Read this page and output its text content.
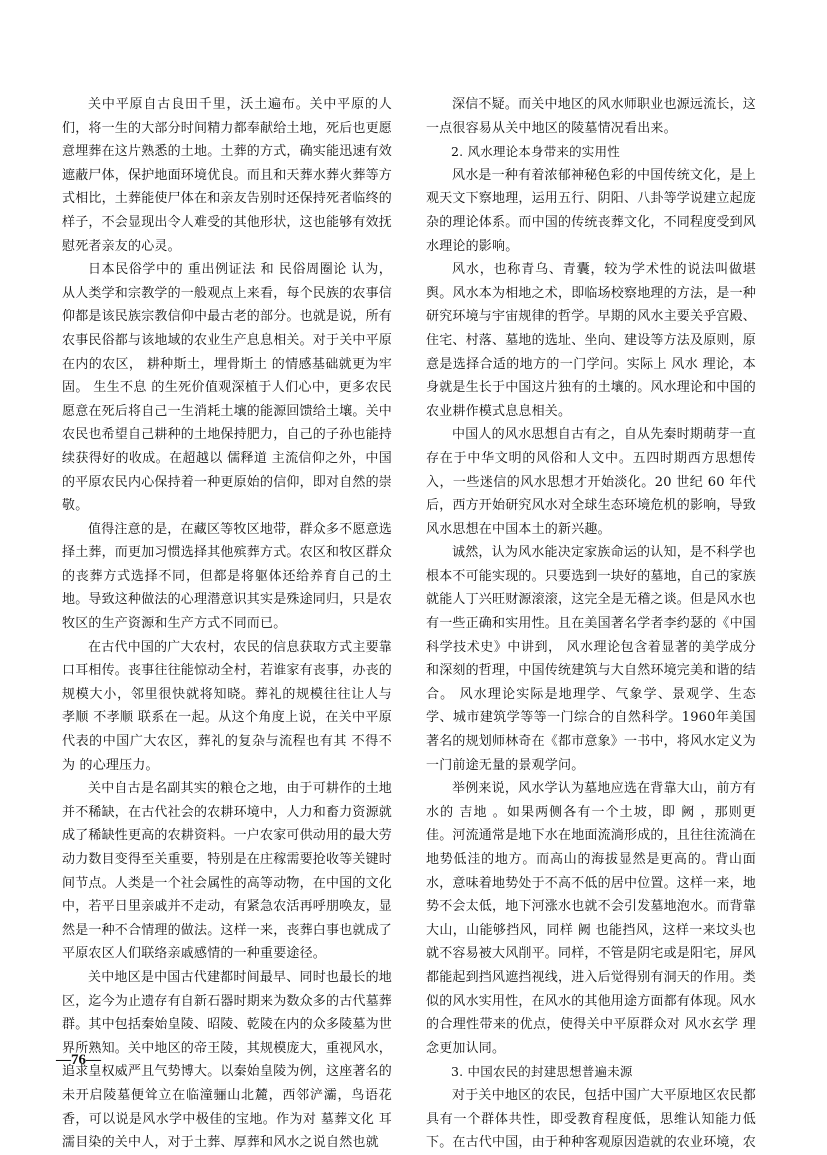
关中平原自古良田千里，沃土遍布。关中平原的人们，将一生的大部分时间精力都奉献给土地，死后也更愿意埋葬在这片熟悉的土地。土葬的方式，确实能迅速有效遮蔽尸体，保护地面环境优良。而且和天葬水葬火葬等方式相比，土葬能使尸体在和亲友告别时还保持死者临终的样子，不会显现出令人难受的其他形状，这也能够有效抚慰死者亲友的心灵。

日本民俗学中的 重出例证法 和 民俗周圈论 认为，从人类学和宗教学的一般观点上来看，每个民族的农事信仰都是该民族宗教信仰中最古老的部分。也就是说，所有农事民俗都与该地域的农业生产息息相关。对于关中平原在内的农区， 耕种斯土，埋骨斯土 的情感基础就更为牢固。 生生不息 的生死价值观深植于人们心中，更多农民愿意在死后将自己一生消耗土壤的能源回馈给土壤。关中农民也希望自己耕种的土地保持肥力，自己的子孙也能持续获得好的收成。在超越以 儒释道 主流信仰之外，中国的平原农民内心保持着一种更原始的信仰，即对自然的崇敬。

值得注意的是，在藏区等牧区地带，群众多不愿意选择土葬，而更加习惯选择其他殡葬方式。农区和牧区群众的丧葬方式选择不同，但都是将躯体还给养育自己的土地。导致这种做法的心理潜意识其实是殊途同归，只是农牧区的生产资源和生产方式不同而已。

在古代中国的广大农村，农民的信息获取方式主要靠口耳相传。丧事往往能惊动全村，若谁家有丧事，办丧的规模大小，邻里很快就将知晓。葬礼的规模往往让人与 孝顺 不孝顺 联系在一起。从这个角度上说，在关中平原代表的中国广大农区，葬礼的复杂与流程也有其 不得不为 的心理压力。

关中自古是名副其实的粮仓之地，由于可耕作的土地并不稀缺，在古代社会的农耕环境中，人力和畜力资源就成了稀缺性更高的农耕资料。一户农家可供动用的最大劳动力数目变得至关重要，特别是在庄稼需要抢收等关键时间节点。人类是一个社会属性的高等动物，在中国的文化中，若平日里亲戚并不走动，有紧急农活再呼朋唤友，显然是一种不合情理的做法。这样一来，丧葬白事也就成了平原农区人们联络亲戚感情的一种重要途径。

关中地区是中国古代建都时间最早、同时也最长的地区，迄今为止遗存有自新石器时期来为数众多的古代墓葬群。其中包括秦始皇陵、昭陵、乾陵在内的众多陵墓为世界所熟知。关中地区的帝王陵，其规模庞大，重视风水，追求皇权威严且气势博大。以秦始皇陵为例，这座著名的未开启陵墓便耸立在临潼骊山北麓，西邻浐灞，鸟语花香，可以说是风水学中极佳的宝地。作为对 墓葬文化 耳濡目染的关中人，对于土葬、厚葬和风水之说自然也就

深信不疑。而关中地区的风水师职业也源远流长，这一点很容易从关中地区的陵墓情况看出来。

2. 风水理论本身带来的实用性

风水是一种有着浓郁神秘色彩的中国传统文化，是上观天文下察地理，运用五行、阴阳、八卦等学说建立起庞杂的理论体系。而中国的传统丧葬文化，不同程度受到风水理论的影响。

风水，也称青乌、青囊，较为学术性的说法叫做堪舆。风水本为相地之术，即临场校察地理的方法，是一种研究环境与宇宙规律的哲学。早期的风水主要关乎宫殿、住宅、村落、墓地的选址、坐向、建设等方法及原则，原意是选择合适的地方的一门学问。实际上 风水 理论，本身就是生长于中国这片独有的土壤的。风水理论和中国的农业耕作模式息息相关。

中国人的风水思想自古有之，自从先秦时期萌芽一直存在于中华文明的风俗和人文中。五四时期西方思想传入，一些迷信的风水思想才开始淡化。20 世纪 60 年代后，西方开始研究风水对全球生态环境危机的影响，导致风水思想在中国本土的新兴趣。

诚然，认为风水能决定家族命运的认知，是不科学也根本不可能实现的。只要选到一块好的墓地，自己的家族就能人丁兴旺财源滚滚，这完全是无稽之谈。但是风水也有一些正确和实用性。且在美国著名学者李约瑟的《中国科学技术史》中讲到， 风水理论包含着显著的美学成分和深刻的哲理，中国传统建筑与大自然环境完美和谐的结合。 风水理论实际是地理学、气象学、景观学、生态学、城市建筑学等等一门综合的自然科学。1960年美国著名的规划师林奇在《都市意象》一书中，将风水定义为一门前途无量的景观学问。

举例来说，风水学认为墓地应选在背靠大山，前方有水的 吉地 。如果两侧各有一个土坡，即 阙 ，那则更佳。河流通常是地下水在地面流淌形成的，且往往流淌在地势低洼的地方。而高山的海拔显然是更高的。背山面水，意味着地势处于不高不低的居中位置。这样一来，地势不会太低，地下河涨水也就不会引发墓地泡水。而背靠大山，山能够挡风，同样 阙 也能挡风，这样一来坟头也就不容易被大风削平。同样，不管是阴宅或是阳宅，屏风都能起到挡风遮挡视线，进入后觉得别有洞天的作用。类似的风水实用性，在风水的其他用途方面都有体现。风水的合理性带来的优点，使得关中平原群众对 风水玄学 理念更加认同。

3. 中国农民的封建思想普遍未源

对于关中地区的农民，包括中国广大平原地区农民都具有一个群体共性，即受教育程度低，思维认知能力低下。在古代中国，由于种种客观原因造就的农业环境，农

—76—
